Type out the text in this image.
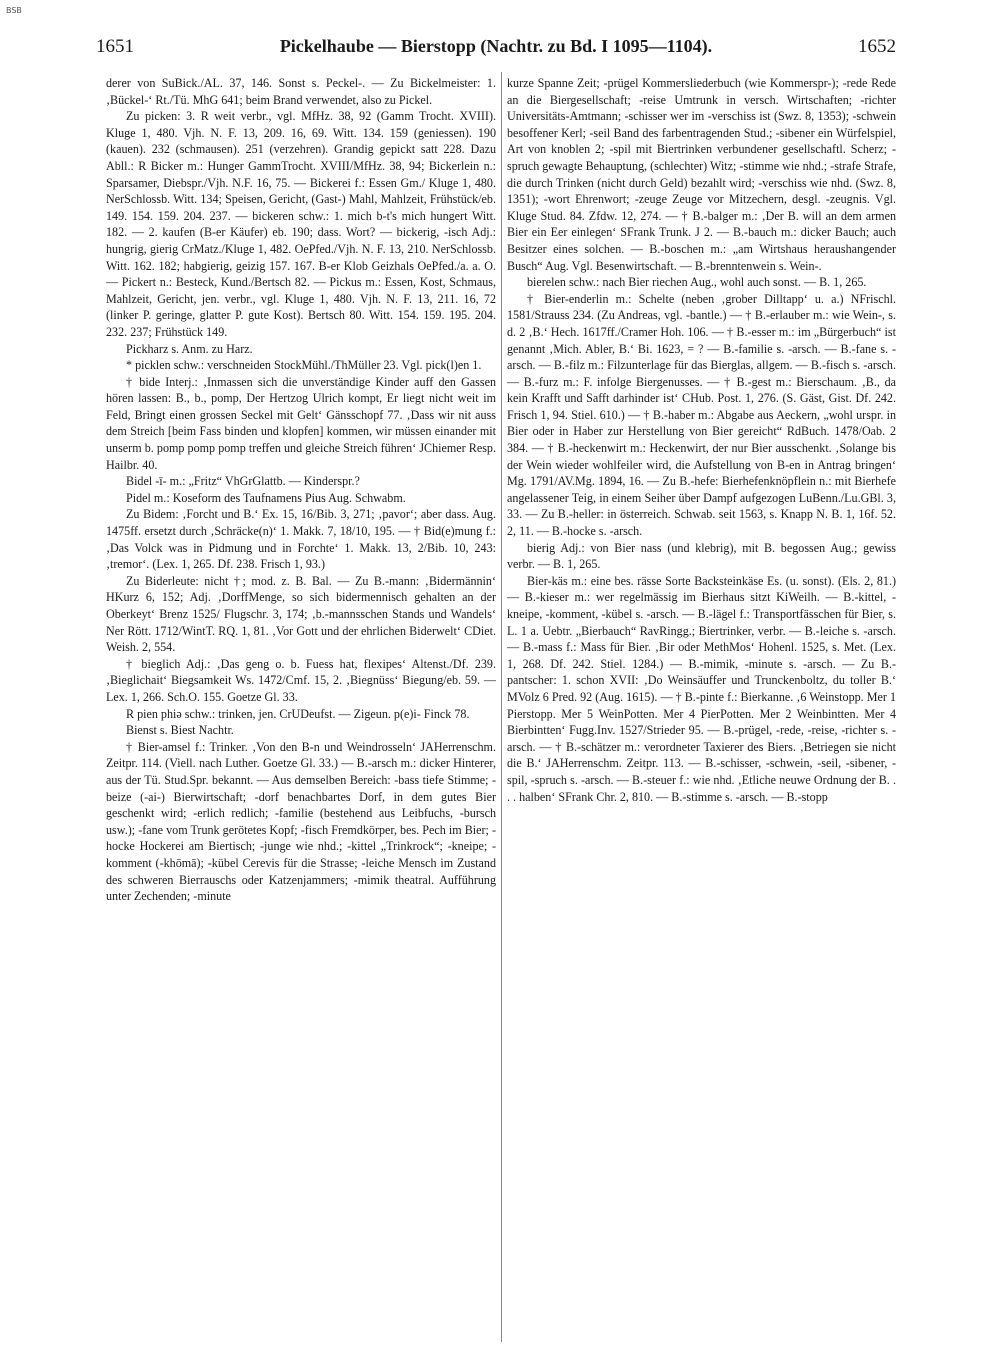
BSB
1651	Pickelhaube — Bierstopp (Nachtr. zu Bd. I 1095—1104).	1652

derer von SuBick./AL. 37, 146. Sonst s. Peckel-. — Zu Bickelmeister: 1. ‚Bückel-‘ Rt./Tü. MhG 641; beim Brand verwendet, also zu Pickel.

Zu picken: 3. R weit verbr., vgl. MfHz. 38, 92 (Gamm Trocht. XVIII). Kluge 1, 480. Vjh. N. F. 13, 209. 16, 69. Witt. 134. 159 (geniessen). 190 (kauen). 232 (schmausen). 251 (verzehren). Grandig gepickt satt 228. Dazu Abll.: R Bicker m.: Hunger GammTrocht. XVIII/MfHz. 38, 94; Bickerlein n.: Sparsamer, Diebspr./Vjh. N.F. 16, 75. — Bickerei f.: Essen Gm./ Kluge 1, 480. NerSchlossb. Witt. 134; Speisen, Gericht, (Gast-) Mahl, Mahlzeit, Frühstück/eb. 149. 154. 159. 204. 237. — bickeren schw.: 1. mich b-t's mich hungert Witt. 182. — 2. kaufen (B-er Käufer) eb. 190; dass. Wort? — bickerig, -isch Adj.: hungrig, gierig CrMatz./Kluge 1, 482. OePfed./Vjh. N. F. 13, 210. NerSchlossb. Witt. 162. 182; habgierig, geizig 157. 167. B-er Klob Geizhals OePfed./a. a. O. — Pickert n.: Besteck, Kund./Bertsch 82. — Pickus m.: Essen, Kost, Schmaus, Mahlzeit, Gericht, jen. verbr., vgl. Kluge 1, 480. Vjh. N. F. 13, 211. 16, 72 (linker P. geringe, glatter P. gute Kost). Bertsch 80. Witt. 154. 159. 195. 204. 232. 237; Frühstück 149.

Pickharz s. Anm. zu Harz.

* picklen schw.: verschneiden StockMühl./ThMüller 23. Vgl. pick(l)en 1.

† bide Interj.: ‚Inmassen sich die unverständige Kinder auff den Gassen hören lassen: B., b., pomp, Der Hertzog Ulrich kompt, Er liegt nicht weit im Feld, Bringt einen grossen Seckel mit Gelt‘ Gänsschopf 77. ‚Dass wir nit auss dem Streich [beim Fass binden und klopfen] kommen, wir müssen einander mit unserm b. pomp pomp pomp treffen und gleiche Streich führen‘ JChiemer Resp. Hailbr. 40.

Bidel -ī- m.: „Fritz“ VhGrGlattb. — Kinderspr.?

Pidel m.: Koseform des Taufnamens Pius Aug. Schwabm.

Zu Bidem: ‚Forcht und B.‘ Ex. 15, 16/Bib. 3, 271; ‚pavor‘; aber dass. Aug. 1475ff. ersetzt durch ‚Schräcke(n)‘ 1. Makk. 7, 18/10, 195. — † Bid(e)mung f.: ‚Das Volck was in Pidmung und in Forchte‘ 1. Makk. 13, 2/Bib. 10, 243: ‚tremor‘. (Lex. 1, 265. Df. 238. Frisch 1, 93.)

Zu Biderleute: nicht †; mod. z. B. Bal. — Zu B.-mann: ‚Bidermännin‘ HKurz 6, 152; Adj. ‚DorffMenge, so sich bidermennisch gehalten an der Oberkeyt‘ Brenz 1525/ Flugschr. 3, 174; ‚b.-mannsschen Stands und Wandels‘ Ner Rött. 1712/WintT. RQ. 1, 81. ‚Vor Gott und der ehrlichen Biderwelt‘ CDiet. Weish. 2, 554.

† bieglich Adj.: ‚Das geng o. b. Fuess hat, flexipes‘ Altenst./Df. 239. ‚Bieglichait‘ Biegsamkeit Ws. 1472/Cmf. 15, 2. ‚Biegnüss‘ Biegung/eb. 59. — Lex. 1, 266. Sch.O. 155. Goetze Gl. 33.

R pien phiə schw.: trinken, jen. CrUDeufst. — Zigeun. p(e)i- Finck 78.

Bienst s. Biest Nachtr.

† Bier-amsel f.: Trinker. ‚Von den B-n und Weindrosseln‘ JAHerrenschm. Zeitpr. 114. (Viell. nach Luther. Goetze Gl. 33.) — B.-arsch m.: dicker Hinterer, aus der Tü. Stud.Spr. bekannt. — Aus demselben Bereich: -bass tiefe Stimme; -beize (-ai-) Bierwirtschaft; -dorf benachbartes Dorf, in dem gutes Bier geschenkt wird; -erlich redlich; -familie (bestehend aus Leibfuchs, -bursch usw.); -fane vom Trunk gerötetes Kopf; -fisch Fremdkörper, bes. Pech im Bier; -hocke Hockerei am Biertisch; -junge wie nhd.; -kittel „Trinkrock“; -kneipe; -komment (-khōmā); -kübel Cerevis für die Strasse; -leiche Mensch im Zustand des schweren Bierrauschs oder Katzenjammers; -mimik theatral. Aufführung unter Zechenden; -minute

kurze Spanne Zeit; -prügel Kommersliederbuch (wie Kommerspr-); -rede Rede an die Biergesellschaft; -reise Umtrunk in versch. Wirtschaften; -richter Universitäts-Amtmann; -schisser wer im -verschiss ist (Swz. 8, 1353); -schwein besoffener Kerl; -seil Band des farbentragenden Stud.; -sibener ein Würfelspiel, Art von knoblen 2; -spil mit Biertrinken verbundener gesellschaftl. Scherz; -spruch gewagte Behauptung, (schlechter) Witz; -stimme wie nhd.; -strafe Strafe, die durch Trinken (nicht durch Geld) bezahlt wird; -verschiss wie nhd. (Swz. 8, 1351); -wort Ehrenwort; -zeuge Zeuge vor Mitzechern, desgl. -zeugnis. Vgl. Kluge Stud. 84. Zfdw. 12, 274. — † B.-balger m.: ‚Der B. will an dem armen Bier ein Eer einlegen‘ SFrank Trunk. J 2. — B.-bauch m.: dicker Bauch; auch Besitzer eines solchen. — B.-boschen m.: „am Wirtshaus heraushangender Busch“ Aug. Vgl. Besenwirtschaft. — B.-brenntenwein s. Wein-.

bierelen schw.: nach Bier riechen Aug., wohl auch sonst. — B. 1, 265.

† Bier-enderlin m.: Schelte (neben ‚grober Dilltapp‘ u. a.) NFrischl. 1581/Strauss 234. (Zu Andreas, vgl. -bantle.) — † B.-erlauber m.: wie Wein-, s. d. 2 ‚B.‘ Hech. 1617ff./Cramer Hoh. 106. — † B.-esser m.: im „Bürgerbuch“ ist genannt ‚Mich. Abler, B.‘ Bi. 1623, = ? — B.-familie s. -arsch. — B.-fane s. -arsch. — B.-filz m.: Filzunterlage für das Bierglas, allgem. — B.-fisch s. -arsch. — B.-furz m.: F. infolge Biergenusses. — † B.-gest m.: Bierschaum. ‚B., da kein Krafft und Safft darhinder ist‘ CHub. Post. 1, 276. (S. Gäst, Gist. Df. 242. Frisch 1, 94. Stiel. 610.) — † B.-haber m.: Abgabe aus Aeckern, „wohl urspr. in Bier oder in Haber zur Herstellung von Bier gereicht“ RdBuch. 1478/Oab. 2 384. — † B.-heckenwirt m.: Heckenwirt, der nur Bier ausschenkt. ‚Solange bis der Wein wieder wohlfeiler wird, die Aufstellung von B-en in Antrag bringen‘ Mg. 1791/AV.Mg. 1894, 16. — Zu B.-hefe: Bierhefenknöpflein n.: mit Bierhefe angelassener Teig, in einem Seiher über Dampf aufgezogen LuBenn./Lu.GBl. 3, 33. — Zu B.-heller: in österreich. Schwab. seit 1563, s. Knapp N. B. 1, 16f. 52. 2, 11. — B.-hocke s. -arsch.

bierig Adj.: von Bier nass (und klebrig), mit B. begossen Aug.; gewiss verbr. — B. 1, 265.

Bier-käs m.: eine bes. rässe Sorte Backsteinkäse Es. (u. sonst). (Els. 2, 81.) — B.-kieser m.: wer regelmässig im Bierhaus sitzt KiWeilh. — B.-kittel, -kneipe, -komment, -kübel s. -arsch. — B.-lägel f.: Transportfässchen für Bier, s. L. 1 a. Uebtr. „Bierbauch“ RavRingg.; Biertrinker, verbr. — B.-leiche s. -arsch. — B.-mass f.: Mass für Bier. ‚Bir oder MethMos‘ Hohenl. 1525, s. Met. (Lex. 1, 268. Df. 242. Stiel. 1284.) — B.-mimik, -minute s. -arsch. — Zu B.-pantscher: 1. schon XVII: ‚Do Weinsäuffer und Trunckenboltz, du toller B.‘ MVolz 6 Pred. 92 (Aug. 1615). — † B.-pinte f.: Bierkanne. ‚6 Weinstopp. Mer 1 Pierstopp. Mer 5 WeinPotten. Mer 4 PierPotten. Mer 2 Weinbintten. Mer 4 Bierbintten‘ Fugg.Inv. 1527/Strieder 95. — B.-prügel, -rede, -reise, -richter s. -arsch. — † B.-schätzer m.: verordneter Taxierer des Biers. ‚Betriegen sie nicht die B.‘ JAHerrenschm. Zeitpr. 113. — B.-schisser, -schwein, -seil, -sibener, -spil, -spruch s. -arsch. — B.-steuer f.: wie nhd. ‚Etliche neuwe Ordnung der B. . . . halben‘ SFrank Chr. 2, 810. — B.-stimme s. -arsch. — B.-stopp
